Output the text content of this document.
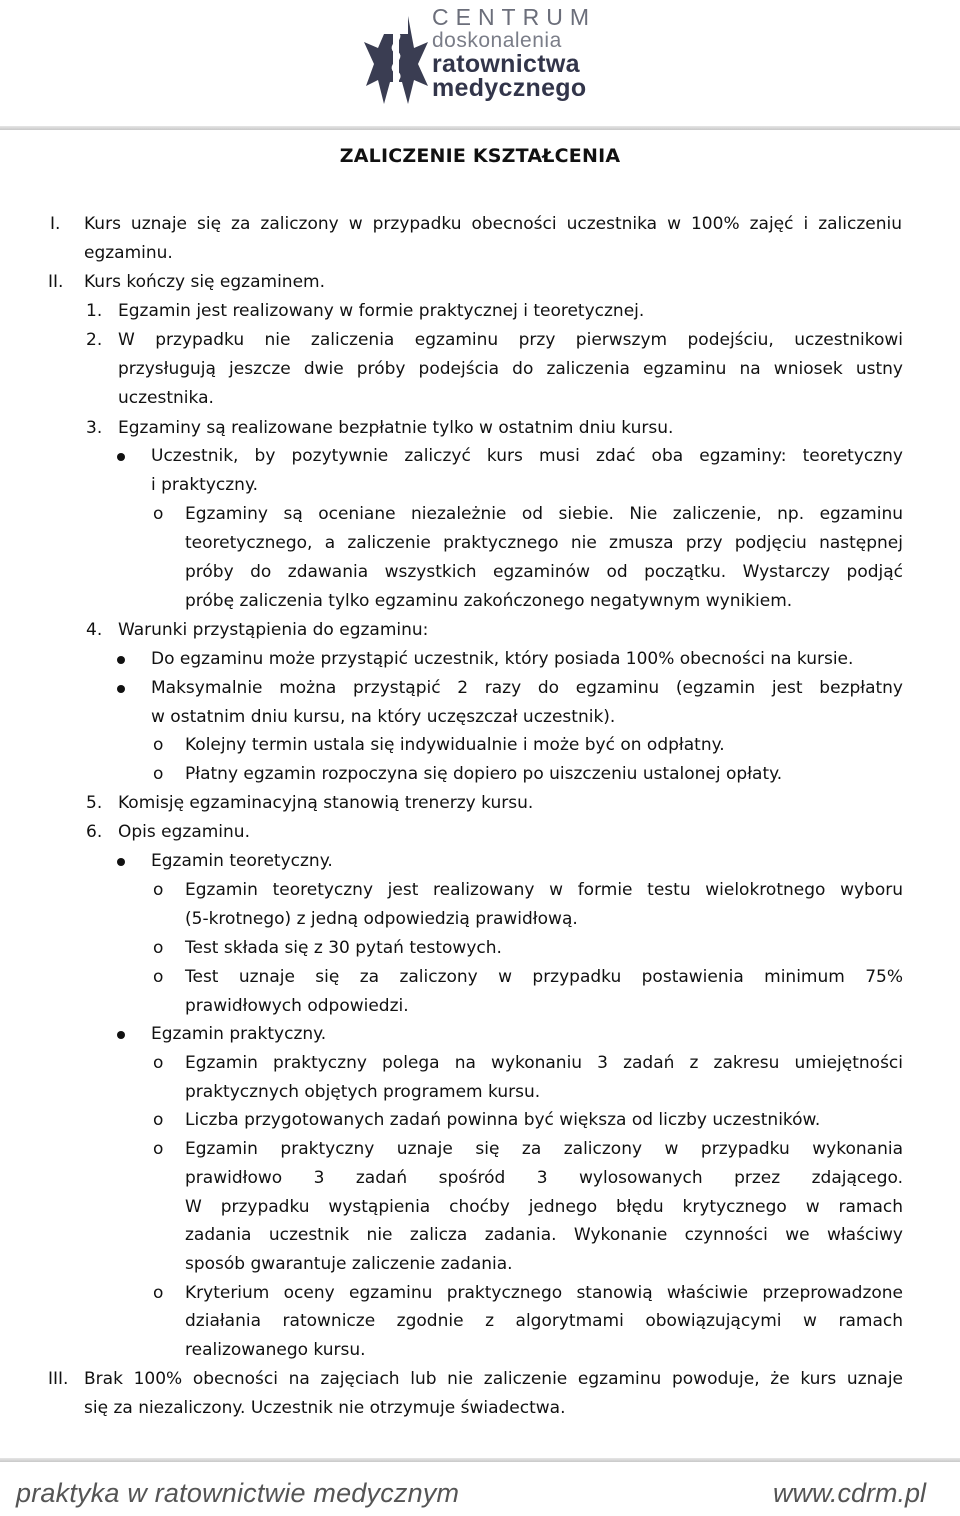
CENTRUM
doskonalenia
ratownictwa
medycznego
ZALICZENIE KSZTAŁCENIA
I. Kurs uznaje się za zaliczony w przypadku obecności uczestnika w 100% zajęć i zaliczeniu
egzaminu.
II. Kurs kończy się egzaminem.
1. Egzamin jest realizowany w formie praktycznej i teoretycznej.
2. W przypadku nie zaliczenia egzaminu przy pierwszym podejściu, uczestnikowi
przysługują jeszcze dwie próby podejścia do zaliczenia egzaminu na wniosek ustny
uczestnika.
3. Egzaminy są realizowane bezpłatnie tylko w ostatnim dniu kursu.
Uczestnik, by pozytywnie zaliczyć kurs musi zdać oba egzaminy: teoretyczny
i praktyczny.
o Egzaminy są oceniane niezależnie od siebie. Nie zaliczenie, np. egzaminu
teoretycznego, a zaliczenie praktycznego nie zmusza przy podjęciu następnej
próby do zdawania wszystkich egzaminów od początku. Wystarczy podjąć
próbę zaliczenia tylko egzaminu zakończonego negatywnym wynikiem.
4. Warunki przystąpienia do egzaminu:
Do egzaminu może przystąpić uczestnik, który posiada 100% obecności na kursie.
Maksymalnie można przystąpić 2 razy do egzaminu (egzamin jest bezpłatny
w ostatnim dniu kursu, na który uczęszczał uczestnik).
o Kolejny termin ustala się indywidualnie i może być on odpłatny.
o Płatny egzamin rozpoczyna się dopiero po uiszczeniu ustalonej opłaty.
5. Komisję egzaminacyjną stanowią trenerzy kursu.
6. Opis egzaminu.
Egzamin teoretyczny.
o Egzamin teoretyczny jest realizowany w formie testu wielokrotnego wyboru
(5-krotnego) z jedną odpowiedzią prawidłową.
o Test składa się z 30 pytań testowych.
o Test uznaje się za zaliczony w przypadku postawienia minimum 75%
prawidłowych odpowiedzi.
Egzamin praktyczny.
o Egzamin praktyczny polega na wykonaniu 3 zadań z zakresu umiejętności
praktycznych objętych programem kursu.
o Liczba przygotowanych zadań powinna być większa od liczby uczestników.
o Egzamin praktyczny uznaje się za zaliczony w przypadku wykonania
prawidłowo 3 zadań spośród 3 wylosowanych przez zdającego.
W przypadku wystąpienia choćby jednego błędu krytycznego w ramach
zadania uczestnik nie zalicza zadania. Wykonanie czynności we właściwy
sposób gwarantuje zaliczenie zadania.
o Kryterium oceny egzaminu praktycznego stanowią właściwie przeprowadzone
działania ratownicze zgodnie z algorytmami obowiązującymi w ramach
realizowanego kursu.
III. Brak 100% obecności na zajęciach lub nie zaliczenie egzaminu powoduje, że kurs uznaje
się za niezaliczony. Uczestnik nie otrzymuje świadectwa.
praktyka w ratownictwie medycznym	www.cdrm.pl
